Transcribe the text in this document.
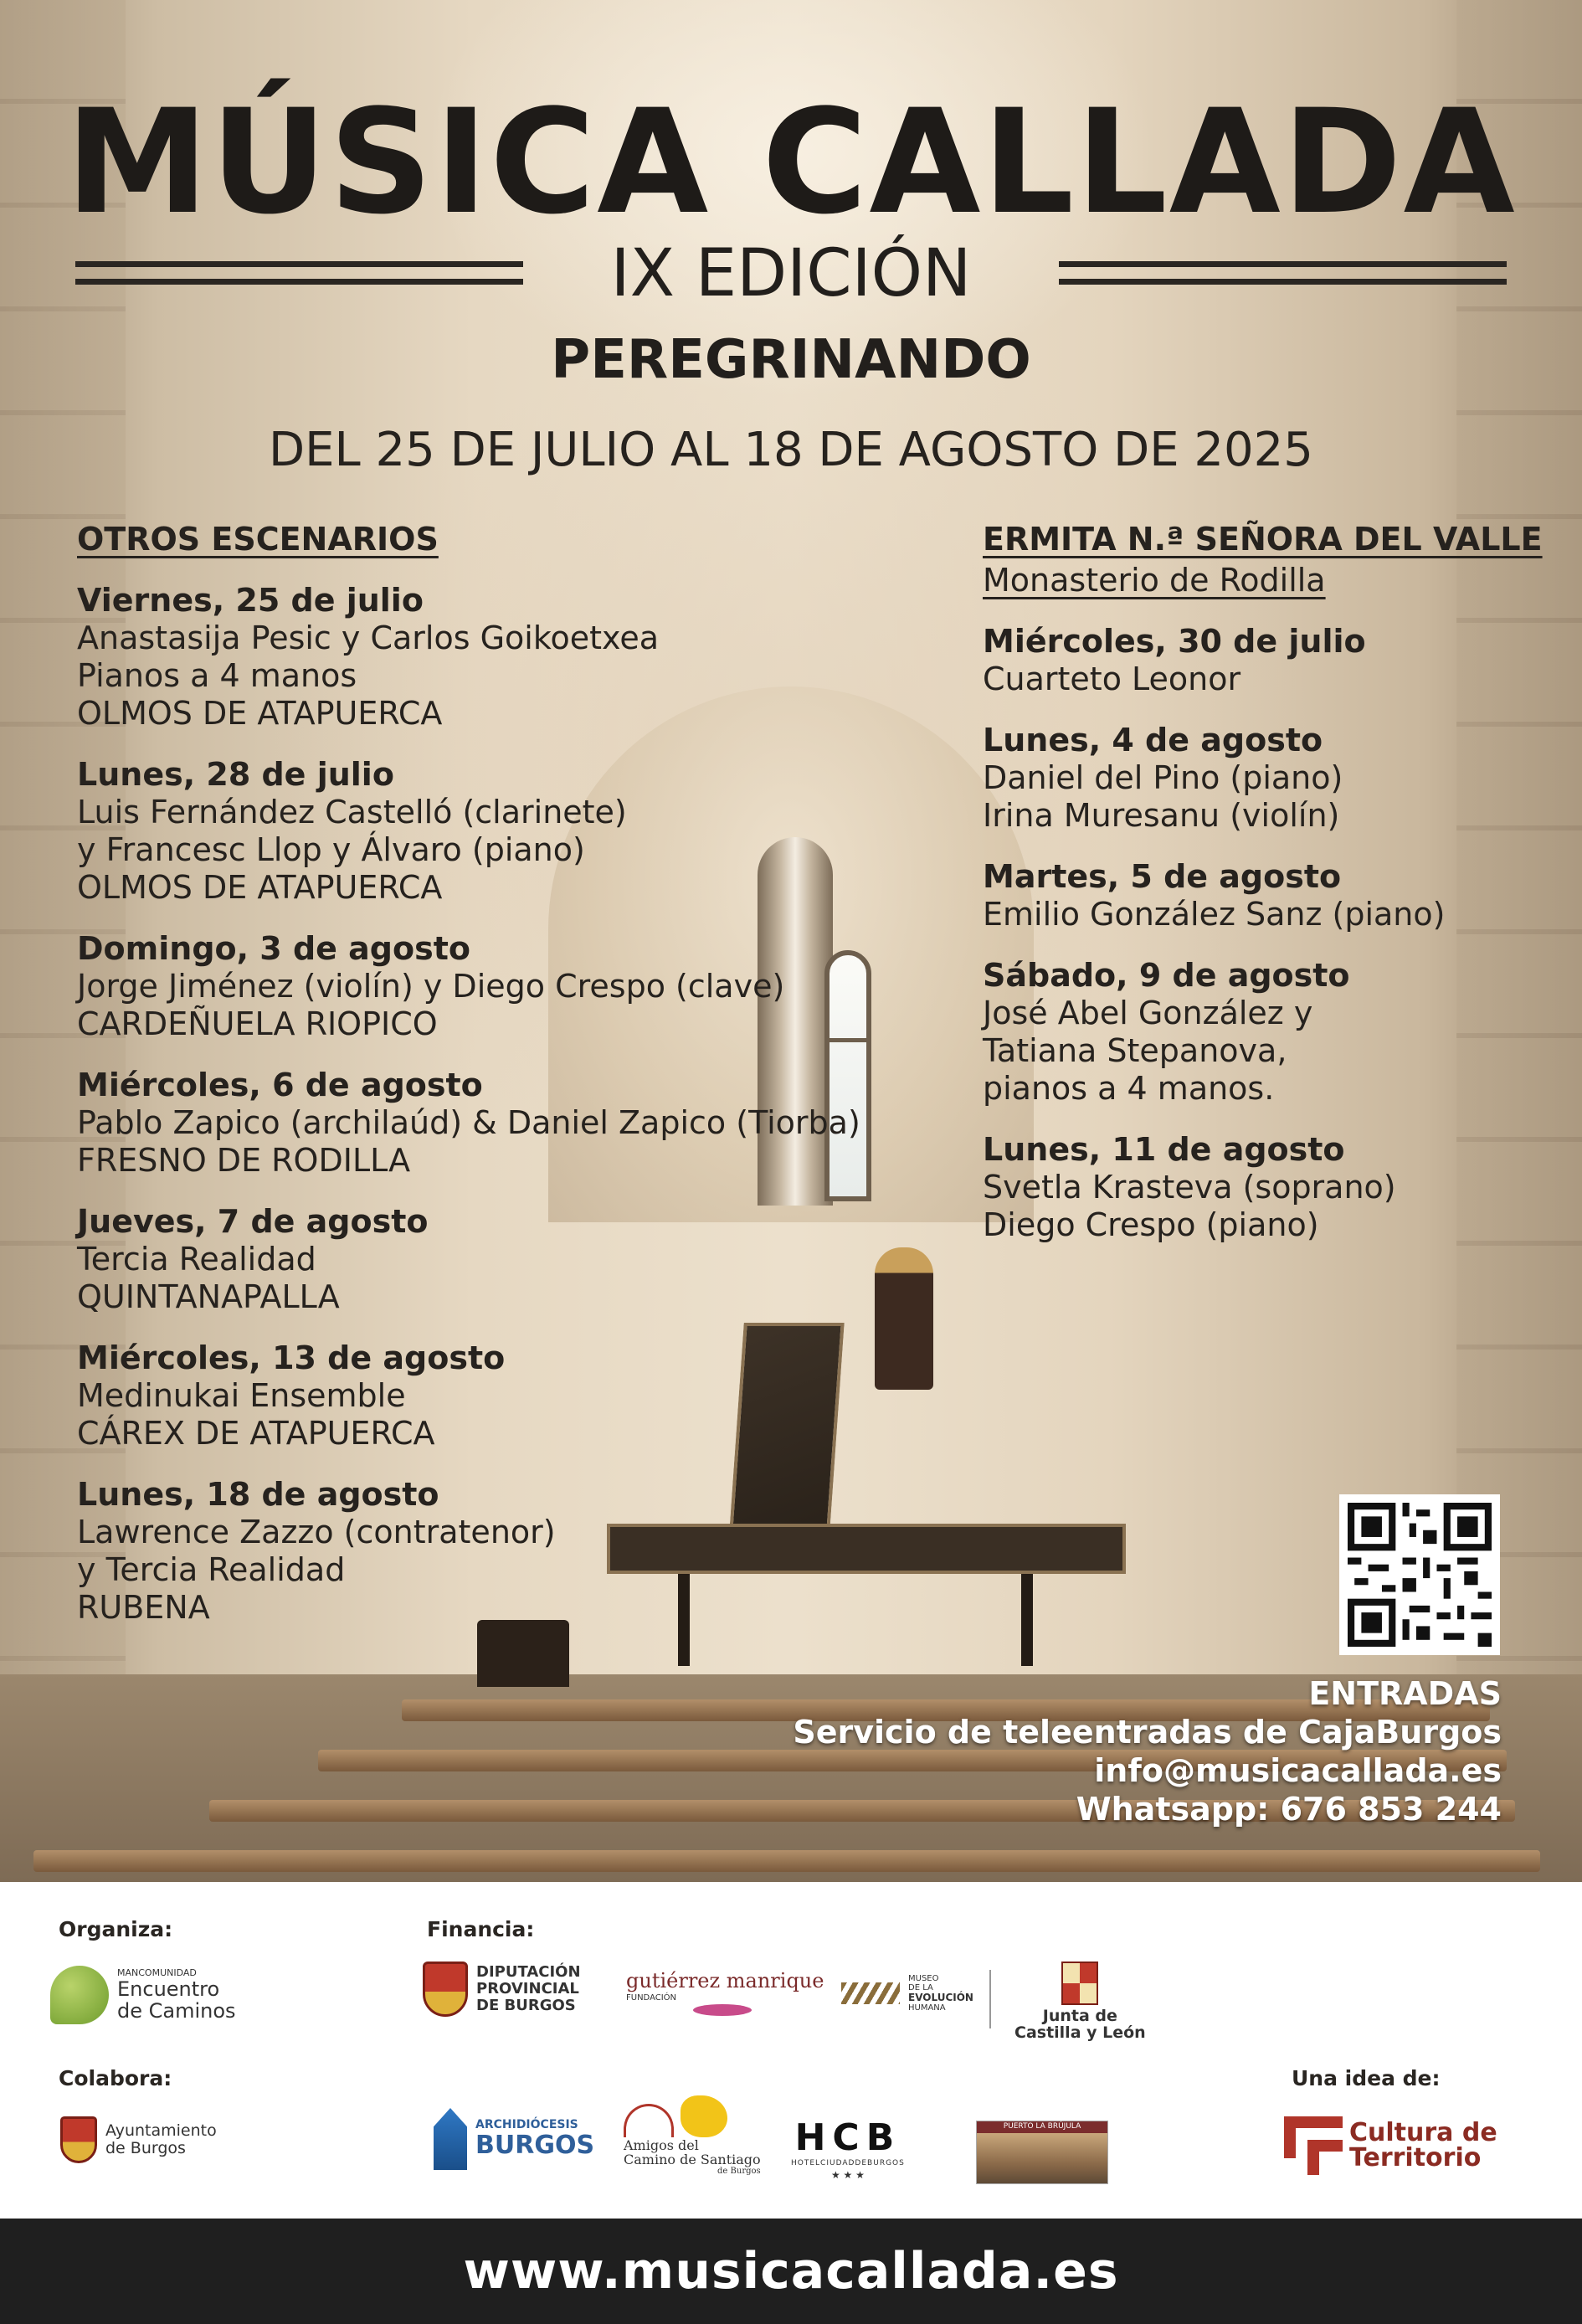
MÚSICA CALLADA
IX EDICIÓN
PEREGRINANDO
DEL 25 DE JULIO AL 18 DE AGOSTO DE 2025
OTROS ESCENARIOS
Viernes, 25 de julio
Anastasija Pesic y Carlos Goikoetxea
Pianos a 4 manos
OLMOS DE ATAPUERCA
Lunes, 28 de julio
Luis Fernández Castelló (clarinete)
y Francesc Llop y Álvaro (piano)
OLMOS DE ATAPUERCA
Domingo, 3 de agosto
Jorge Jiménez (violín) y Diego Crespo (clave)
CARDEÑUELA RIOPICO
Miércoles, 6 de agosto
Pablo Zapico (archilaúd) & Daniel Zapico (Tiorba)
FRESNO DE RODILLA
Jueves, 7 de agosto
Tercia Realidad
QUINTANAPALLA
Miércoles, 13 de agosto
Medinukai Ensemble
CÁREX DE ATAPUERCA
Lunes, 18 de agosto
Lawrence Zazzo (contratenor)
y Tercia Realidad
RUBENA
ERMITA N.ª SEÑORA DEL VALLE
Monasterio de Rodilla
Miércoles, 30 de julio
Cuarteto Leonor
Lunes, 4 de agosto
Daniel del Pino (piano)
Irina Muresanu (violín)
Martes, 5 de agosto
Emilio González Sanz (piano)
Sábado, 9 de agosto
José Abel González y
Tatiana Stepanova,
pianos a 4 manos.
Lunes, 11 de agosto
Svetla Krasteva (soprano)
Diego Crespo (piano)
ENTRADAS
Servicio de teleentradas de CajaBurgos
info@musicacallada.es
Whatsapp: 676 853 244
Organiza:	Financia:
Colabora:	Una idea de:
MANCOMUNIDAD
Encuentro
de Caminos
DIPUTACIÓN
PROVINCIAL
DE BURGOS
gutiérrez manrique
FUNDACIÓN
MUSEO
DE LA
EVOLUCIÓN
HUMANA	Junta de
Castilla y León
Ayuntamiento
de Burgos
ARCHIDIÓCESIS
BURGOS Amigos del
Camino de Santiago
de Burgos
HCB
HOTELCIUDADDEBURGOS
★ ★ ★
PUERTO LA BRÚJULA	Cultura de
Territorio
www.musicacallada.es
